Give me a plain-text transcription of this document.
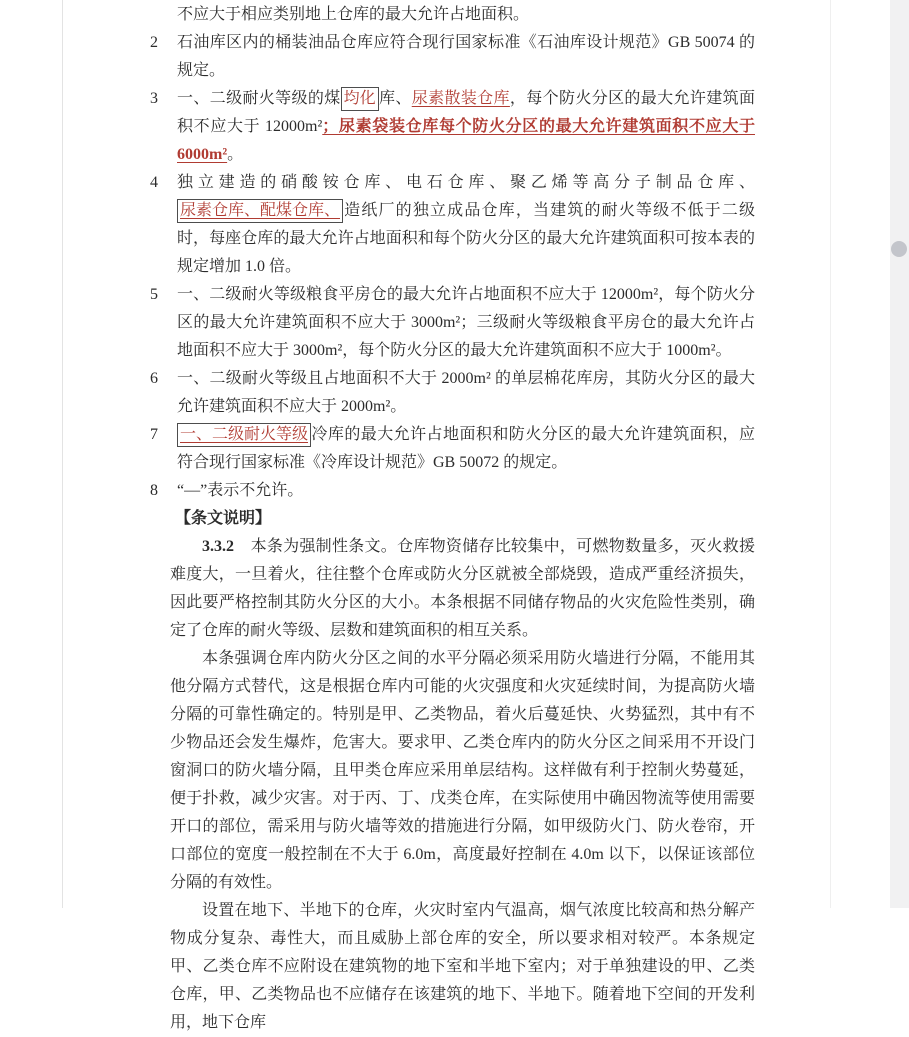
不应大于相应类别地上仓库的最大允许占地面积。
2	石油库区内的桶装油品仓库应符合现行国家标准《石油库设计规范》GB 50074 的规定。
3	一、二级耐火等级的煤 均化 库、尿素散装仓库，每个防火分区的最大允许建筑面积不应大于 12000m²；尿素袋装仓库每个防火分区的最大允许建筑面积不应大于 6000m²。
4	独立建造的硝酸铵仓库、电石仓库、聚乙烯等高分子制品仓库、尿素仓库、配煤仓库、 造纸厂的独立成品仓库，当建筑的耐火等级不低于二级时，每座仓库的最大允许占地面积和每个防火分区的最大允许建筑面积可按本表的规定增加 1.0 倍。
5	一、二级耐火等级粮食平房仓的最大允许占地面积不应大于 12000m²，每个防火分区的最大允许建筑面积不应大于 3000m²；三级耐火等级粮食平房仓的最大允许占地面积不应大于 3000m²，每个防火分区的最大允许建筑面积不应大于 1000m²。
6	一、二级耐火等级且占地面积不大于 2000m² 的单层棉花库房，其防火分区的最大允许建筑面积不应大于 2000m²。
7	一、二级耐火等级 冷库的最大允许占地面积和防火分区的最大允许建筑面积，应符合现行国家标准《冷库设计规范》GB 50072 的规定。
8	“—”表示不允许。
【条文说明】

3.3.2　本条为强制性条文。仓库物资储存比较集中，可燃物数量多，灭火救援难度大，一旦着火，往往整个仓库或防火分区就被全部烧毁，造成严重经济损失，因此要严格控制其防火分区的大小。本条根据不同储存物品的火灾危险性类别，确定了仓库的耐火等级、层数和建筑面积的相互关系。

本条强调仓库内防火分区之间的水平分隔必须采用防火墙进行分隔，不能用其他分隔方式替代，这是根据仓库内可能的火灾强度和火灾延续时间，为提高防火墙分隔的可靠性确定的。特别是甲、乙类物品，着火后蔓延快、火势猛烈，其中有不少物品还会发生爆炸，危害大。要求甲、乙类仓库内的防火分区之间采用不开设门窗洞口的防火墙分隔，且甲类仓库应采用单层结构。这样做有利于控制火势蔓延，便于扑救，减少灾害。对于丙、丁、戊类仓库，在实际使用中确因物流等使用需要开口的部位，需采用与防火墙等效的措施进行分隔，如甲级防火门、防火卷帘，开口部位的宽度一般控制在不大于 6.0m，高度最好控制在 4.0m 以下，以保证该部位分隔的有效性。

设置在地下、半地下的仓库，火灾时室内气温高，烟气浓度比较高和热分解产物成分复杂、毒性大，而且威胁上部仓库的安全，所以要求相对较严。本条规定甲、乙类仓库不应附设在建筑物的地下室和半地下室内；对于单独建设的甲、乙类仓库，甲、乙类物品也不应储存在该建筑的地下、半地下。随着地下空间的开发利用，地下仓库
